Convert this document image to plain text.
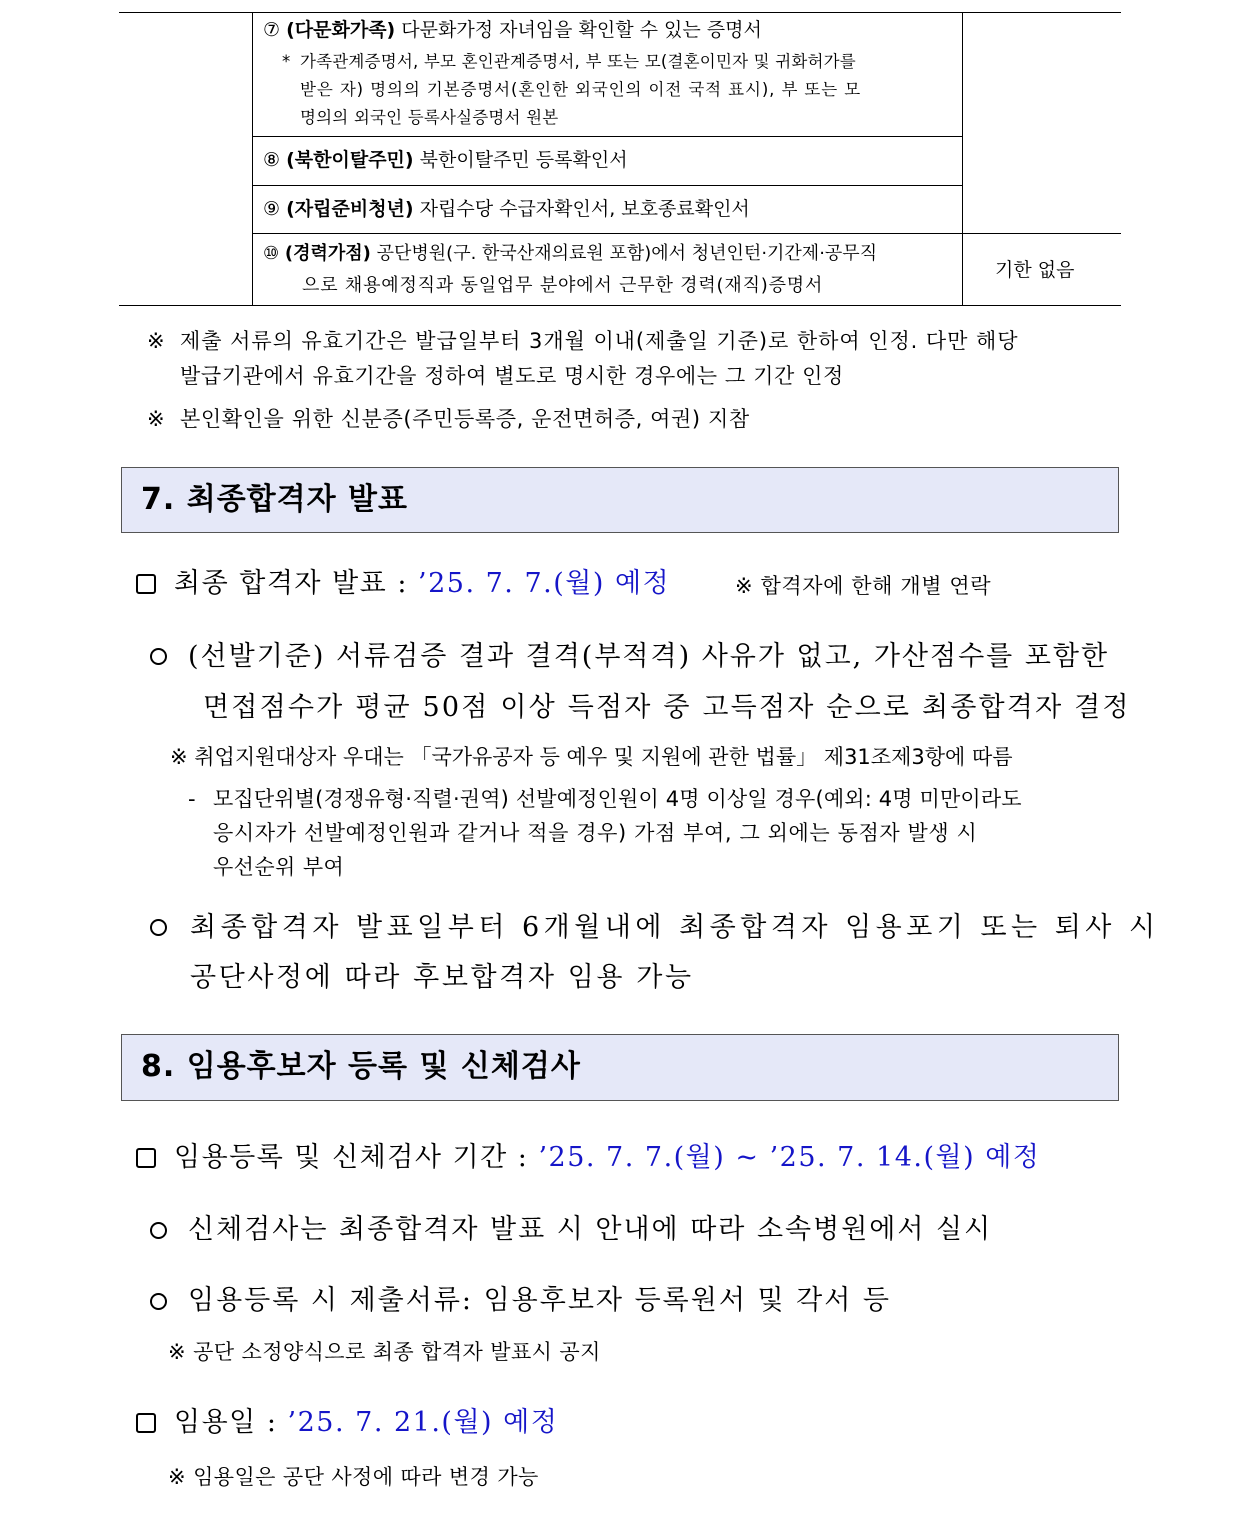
⑦ (다문화가족) 다문화가정 자녀임을 확인할 수 있는 증명서
* 가족관계증명서, 부모 혼인관계증명서, 부 또는 모(결혼이민자 및 귀화허가를
받은 자) 명의의 기본증명서(혼인한 외국인의 이전 국적 표시), 부 또는 모
명의의 외국인 등록사실증명서 원본
⑧ (북한이탈주민) 북한이탈주민 등록확인서
⑨ (자립준비청년) 자립수당 수급자확인서, 보호종료확인서
⑩ (경력가점) 공단병원(구. 한국산재의료원 포함)에서 청년인턴·기간제·공무직
으로 채용예정직과 동일업무 분야에서 근무한 경력(재직)증명서
기한 없음
※ 제출 서류의 유효기간은 발급일부터 3개월 이내(제출일 기준)로 한하여 인정. 다만 해당
발급기관에서 유효기간을 정하여 별도로 명시한 경우에는 그 기간 인정
※ 본인확인을 위한 신분증(주민등록증, 운전면허증, 여권) 지참
7. 최종합격자 발표
최종 합격자 발표 : ’25. 7. 7.(월) 예정	※ 합격자에 한해 개별 연락
(선발기준) 서류검증 결과 결격(부적격) 사유가 없고, 가산점수를 포함한
면접점수가 평균 50점 이상 득점자 중 고득점자 순으로 최종합격자 결정
※ 취업지원대상자 우대는 「국가유공자 등 예우 및 지원에 관한 법률」 제31조제3항에 따름
- 모집단위별(경쟁유형·직렬·권역) 선발예정인원이 4명 이상일 경우(예외: 4명 미만이라도
응시자가 선발예정인원과 같거나 적을 경우) 가점 부여, 그 외에는 동점자 발생 시
우선순위 부여
최종합격자 발표일부터 6개월내에 최종합격자 임용포기 또는 퇴사 시
공단사정에 따라 후보합격자 임용 가능
8. 임용후보자 등록 및 신체검사
임용등록 및 신체검사 기간 : ’25. 7. 7.(월) ~ ’25. 7. 14.(월) 예정
신체검사는 최종합격자 발표 시 안내에 따라 소속병원에서 실시
임용등록 시 제출서류: 임용후보자 등록원서 및 각서 등
※ 공단 소정양식으로 최종 합격자 발표시 공지
임용일 : ’25. 7. 21.(월) 예정
※ 임용일은 공단 사정에 따라 변경 가능
